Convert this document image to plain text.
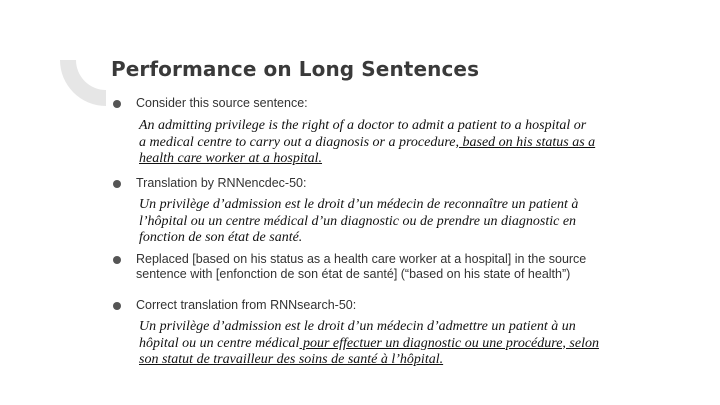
Performance on Long Sentences
Consider this source sentence:
An admitting privilege is the right of a doctor to admit a patient to a hospital or
a medical centre to carry out a diagnosis or a procedure, based on his status as a
health care worker at a hospital.
Translation by RNNencdec-50:
Un privilège d’admission est le droit d’un médecin de reconnaître un patient à
l’hôpital ou un centre médical d’un diagnostic ou de prendre un diagnostic en
fonction de son état de santé.
Replaced [based on his status as a health care worker at a hospital] in the source sentence with [enfonction de son état de santé] (“based on his state of health”)
Correct translation from RNNsearch-50:
Un privilège d’admission est le droit d’un médecin d’admettre un patient à un
hôpital ou un centre médical pour effectuer un diagnostic ou une procédure, selon
son statut de travailleur des soins de santé à l’hôpital.
